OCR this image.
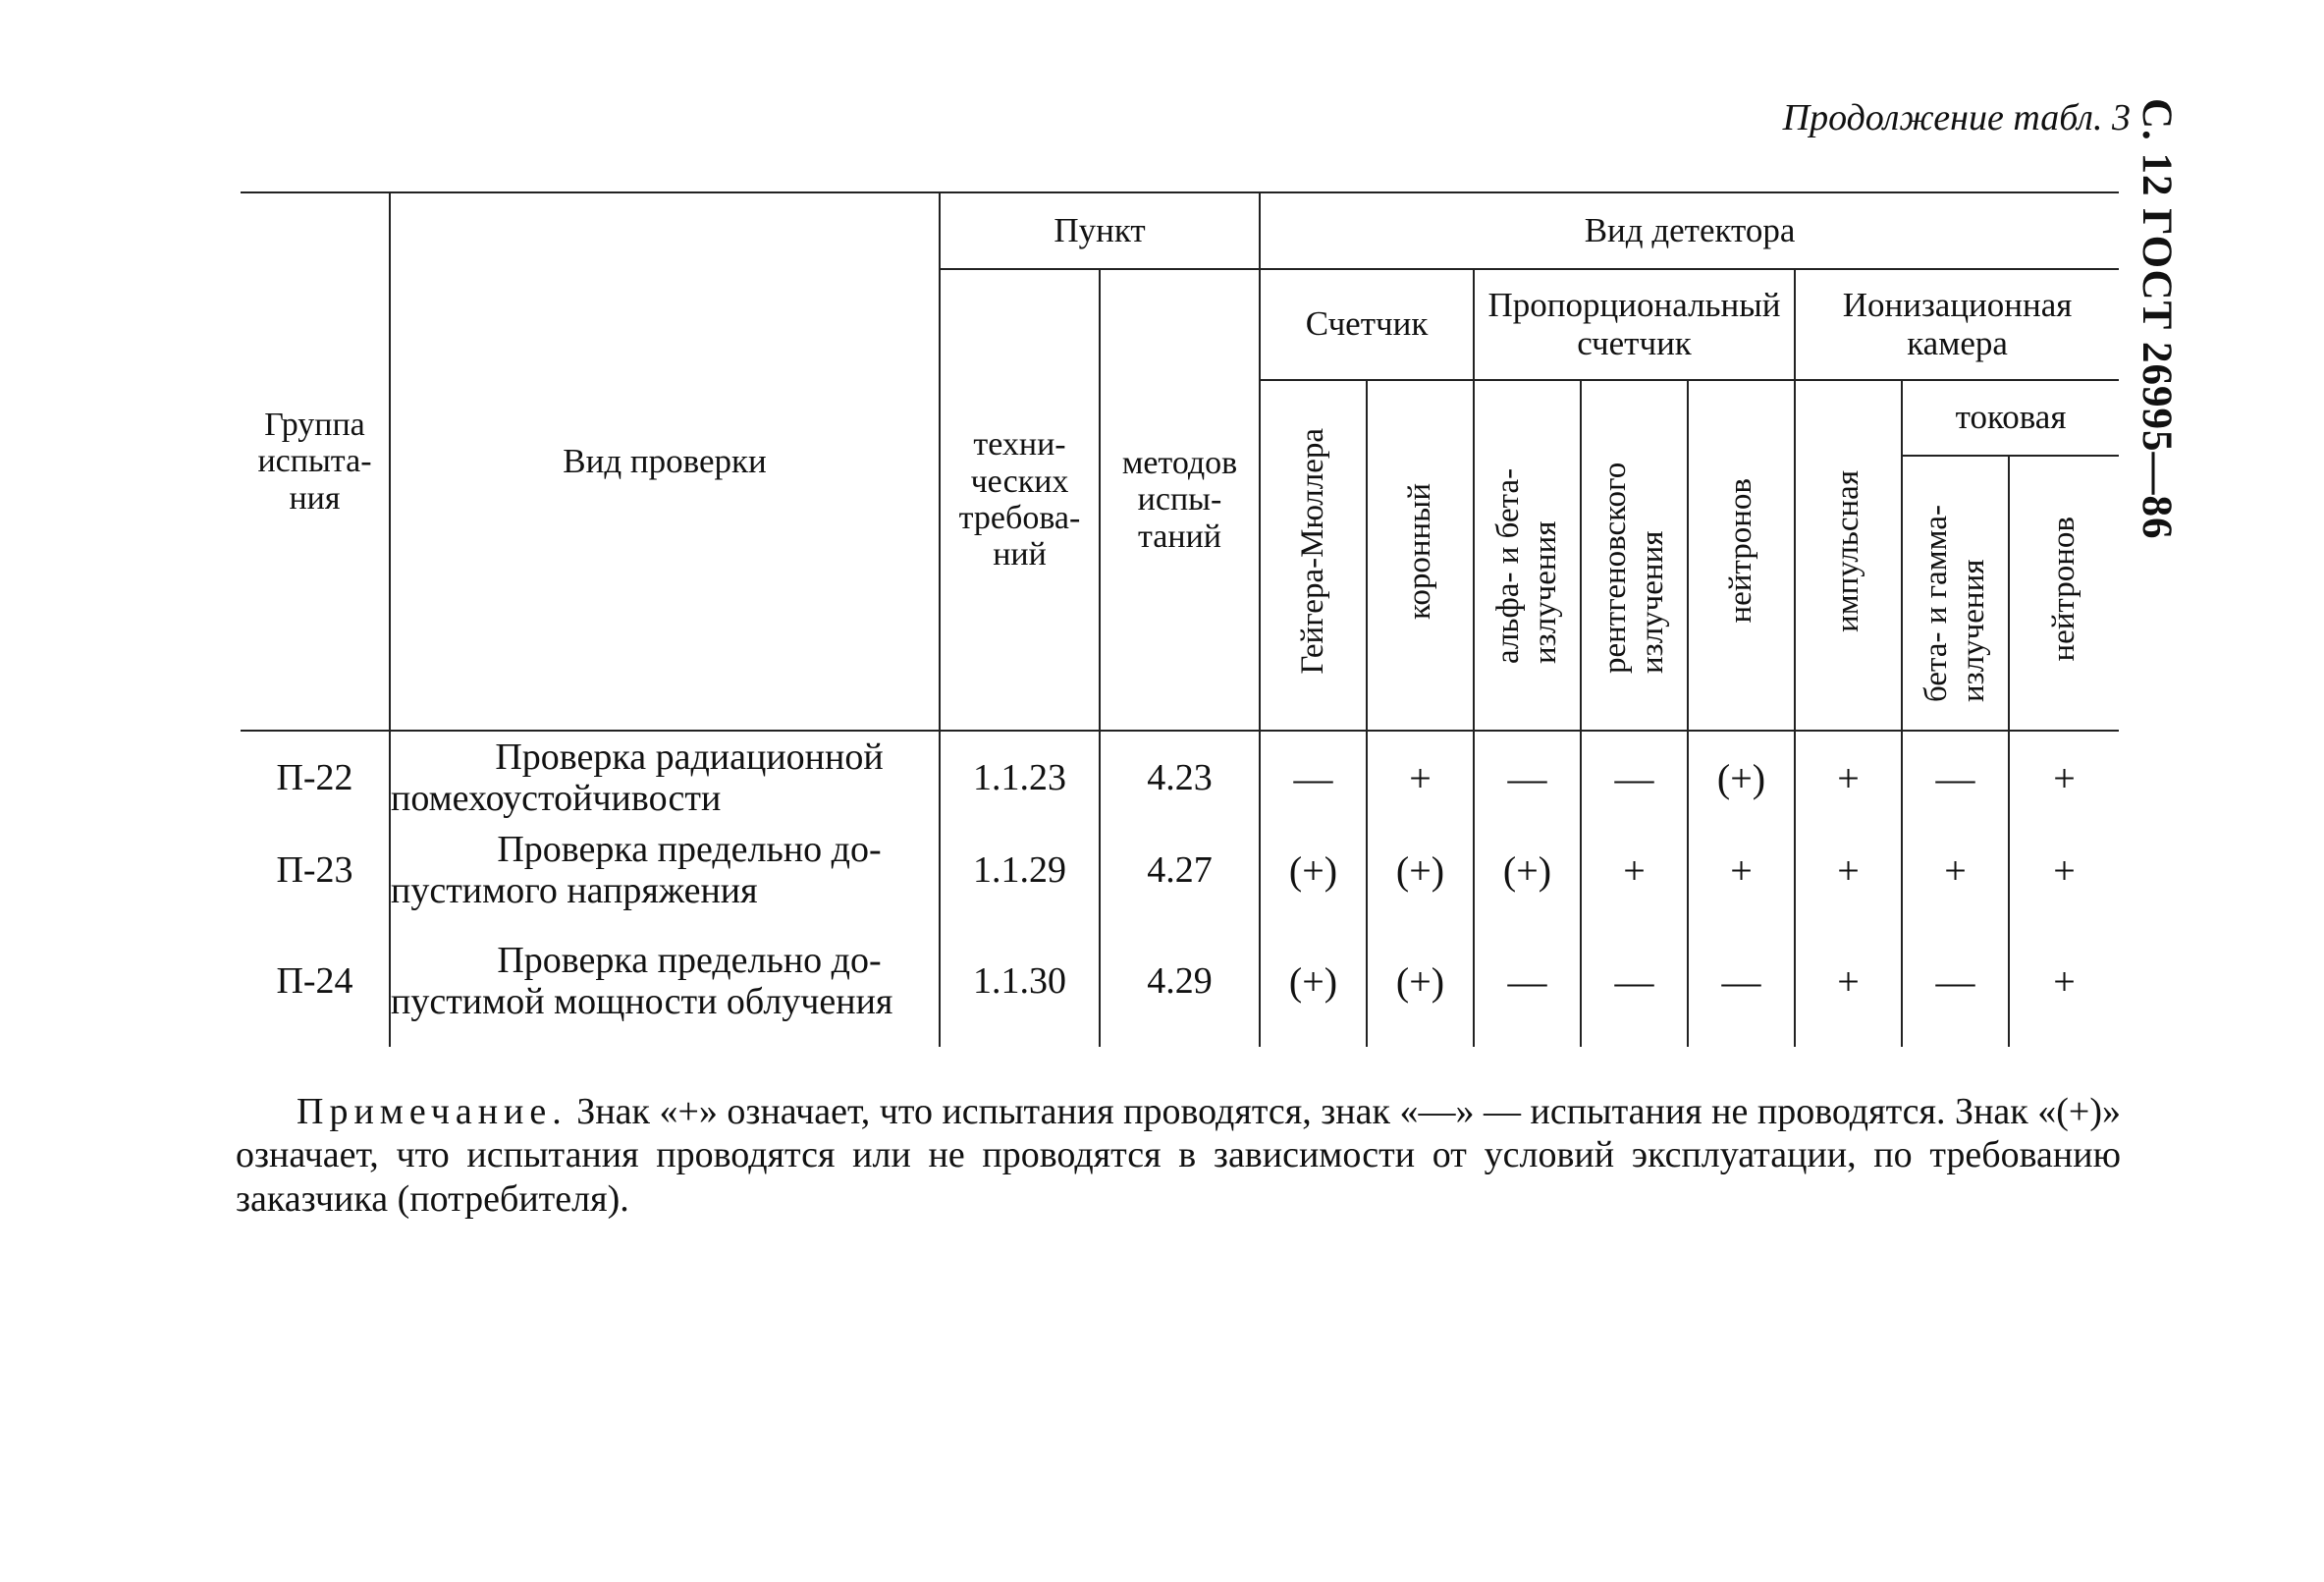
Продолжение табл. 3 С. 12 ГОСТ 26995—86
Группа испытания	Вид проверки	Пункт		Вид детектора							
		технических требований	методов испытаний	Счетчик		Пропорциональный счетчик			Ионизационная камера		
				Гейгера-Мюллера	коронный	альфа- и бета-излучения	рентгеновского излучения	нейтронов	импульсная	токовая	
										бета- и гамма-излучения	нейтронов

П-22	Проверка радиационной помехоустойчивости	1.1.23	4.23	—	+	—	—	(+)	+	—	+
П-23	Проверка предельно допустимого напряжения	1.1.29	4.27	(+)	(+)	(+)	+	+	+	+	+
П-24	Проверка предельно допустимой мощности облучения	1.1.30	4.29	(+)	(+)	—	—	—	+	—	+
Примечание. Знак «+» означает, что испытания проводятся, знак «—» — испытания не проводятся. Знак «(+)» означает, что испытания проводятся или не проводятся в зависимости от условий эксплуатации, по требованию заказчика (потребителя).
